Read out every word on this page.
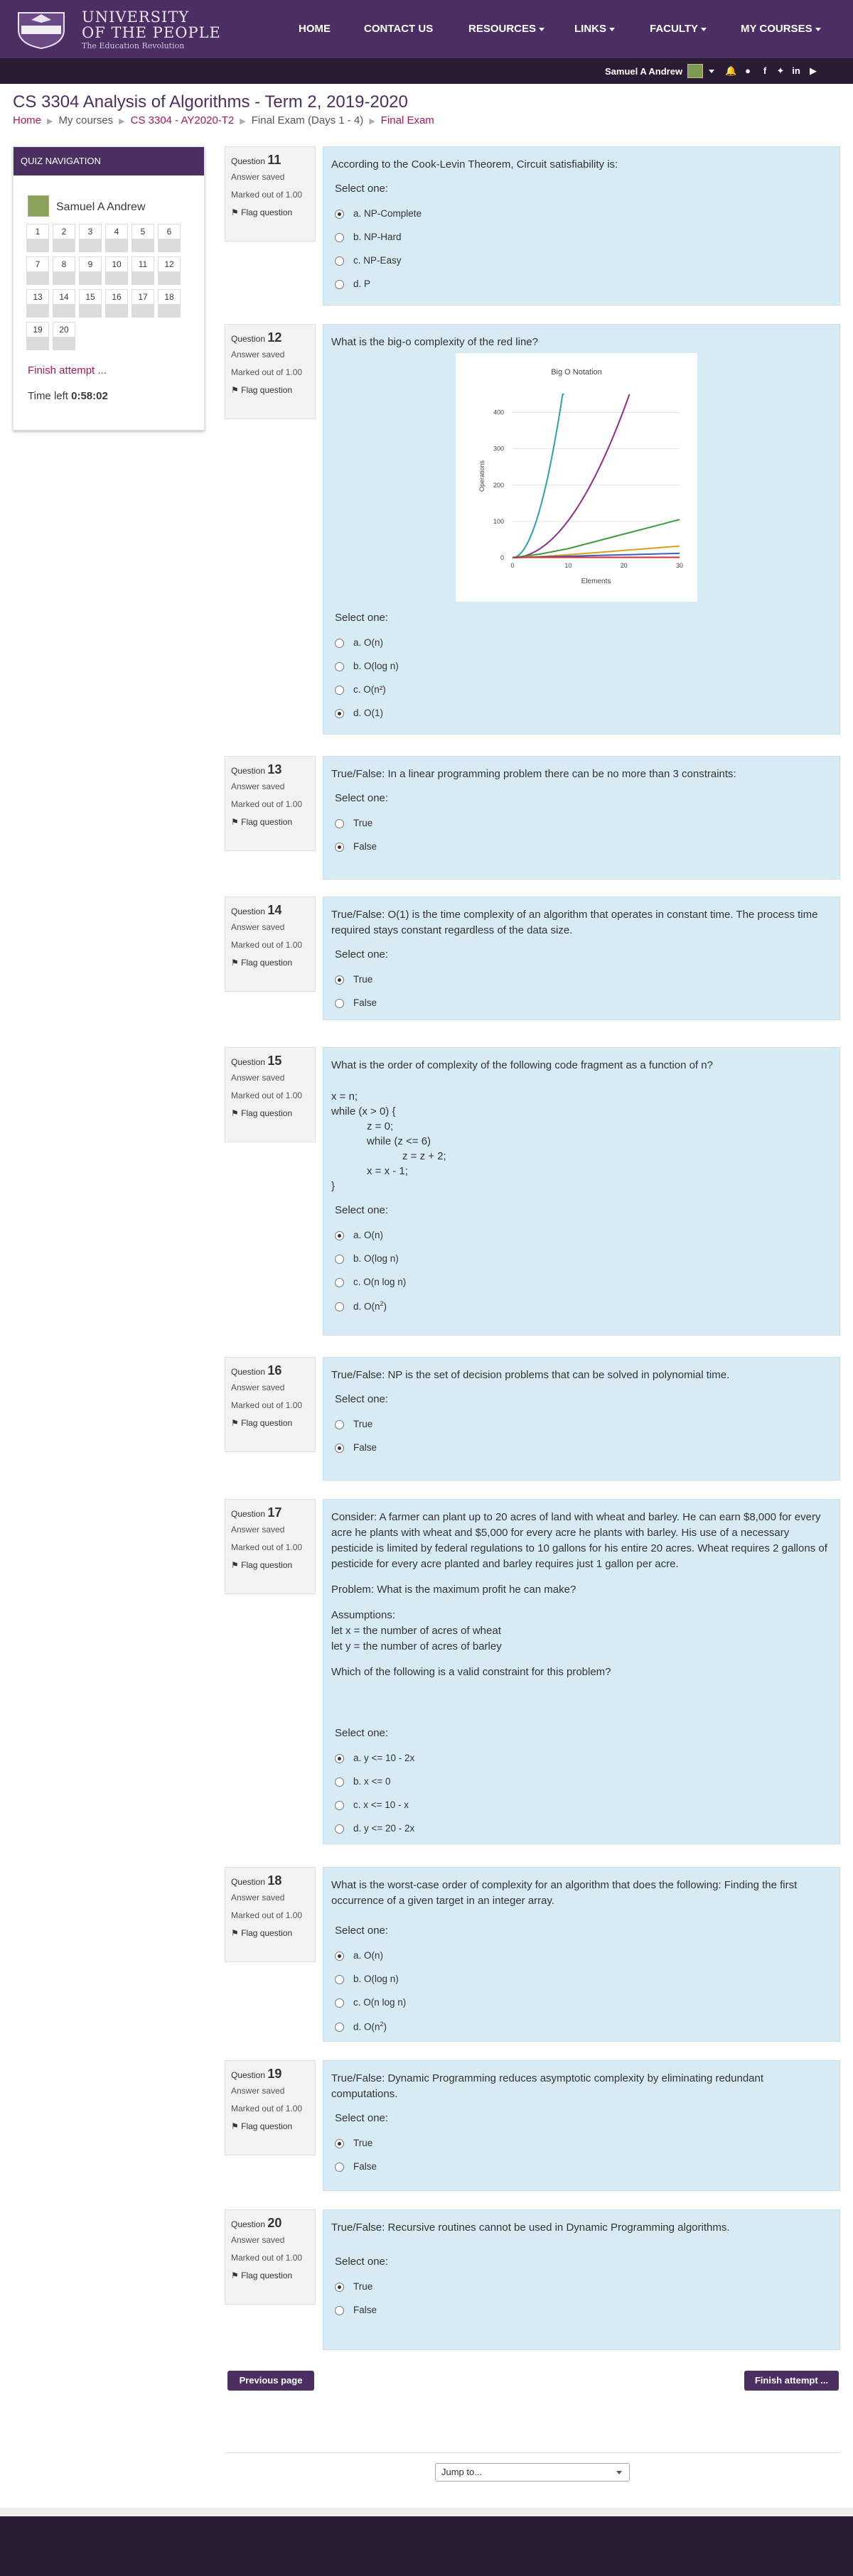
UNIVERSITY
OF THE PEOPLE
The Education Revolution
HOME	CONTACT US	RESOURCES	LINKS	FACULTY	MY COURSES
Samuel A Andrew	🔔 ●	f	✦ in ▶
CS 3304 Analysis of Algorithms - Term 2, 2019-2020
Home ▶ My courses ▶ CS 3304 - AY2020-T2 ▶ Final Exam (Days 1 - 4) ▶ Final Exam
QUIZ NAVIGATION
Samuel A Andrew
1	2	3	4	5	6
7	8	9	10	11	12
13	14	15	16	17	18
19	20
Finish attempt ...
Time left 0:58:02
Question 11
Answer saved
Marked out of 1.00
⚑ Flag question
According to the Cook-Levin Theorem, Circuit satisfiability is:
Select one:
a. NP-Complete
b. NP-Hard
c. NP-Easy
d. P
Question 12
Answer saved
Marked out of 1.00
⚑ Flag question
What is the big-o complexity of the red line?
Big O Notation
0
100
200
300
400
0	10	20	30
Operations
Elements
Select one:
a. O(n)
b. O(log n)
c. O(n²)
d. O(1)
Question 13
Answer saved
Marked out of 1.00
⚑ Flag question
True/False: In a linear programming problem there can be no more than 3 constraints:
Select one:
True
False
Question 14
Answer saved
Marked out of 1.00
⚑ Flag question
True/False: O(1) is the time complexity of an algorithm that operates in constant time. The process time required stays constant regardless of the data size.
Select one:
True
False
Question 15
Answer saved
Marked out of 1.00
⚑ Flag question
What is the order of complexity of the following code fragment as a function of n?
x = n;
while (x > 0) {
z = 0;
while (z <= 6)
z = z + 2;
x = x - 1;
}
Select one:
a. O(n)
b. O(log n)
c. O(n log n)
d. $O(n^2)$
Question 16
Answer saved
Marked out of 1.00
⚑ Flag question
True/False: NP is the set of decision problems that can be solved in polynomial time.
Select one:
True
False
Question 17
Answer saved
Marked out of 1.00
⚑ Flag question
Consider: A farmer can plant up to 20 acres of land with wheat and barley. He can earn $8,000 for every acre he plants with wheat and $5,000 for every acre he plants with barley. His use of a necessary pesticide is limited by federal regulations to 10 gallons for his entire 20 acres. Wheat requires 2 gallons of pesticide for every acre planted and barley requires just 1 gallon per acre.
Problem: What is the maximum profit he can make?
Assumptions:
let x = the number of acres of wheat
let y = the number of acres of barley
Which of the following is a valid constraint for this problem?
Select one:
a. y <= 10 - 2x
b. x <= 0
c. x <= 10 - x
d. y <= 20 - 2x
Question 18
Answer saved
Marked out of 1.00
⚑ Flag question
What is the worst-case order of complexity for an algorithm that does the following: Finding the first occurrence of a given target in an integer array.
Select one:
a. O(n)
b. O(log n)
c. O(n log n)
d. $O(n^2)$
Question 19
Answer saved
Marked out of 1.00
⚑ Flag question
True/False: Dynamic Programming reduces asymptotic complexity by eliminating redundant computations.
Select one:
True
False
Question 20
Answer saved
Marked out of 1.00
⚑ Flag question
True/False: Recursive routines cannot be used in Dynamic Programming algorithms.
Select one:
True
False
Previous page	Finish attempt ...
Jump to...
